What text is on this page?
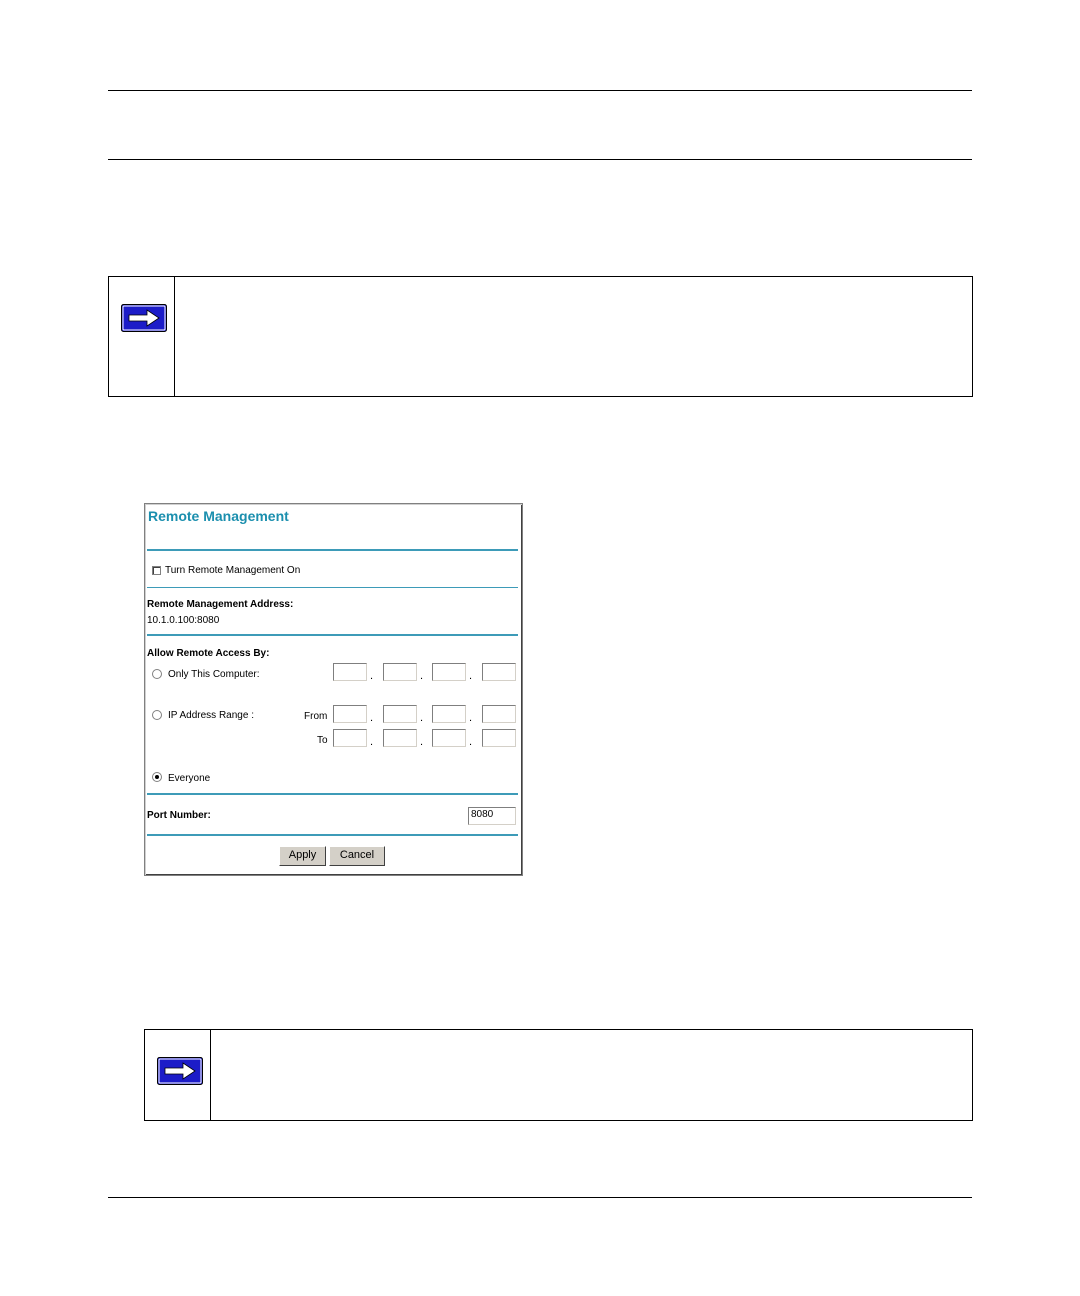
Remote Management
Turn Remote Management On
Remote Management Address:
10.1.0.100:8080
Allow Remote Access By:
Only This Computer:	.	.	.
IP Address Range :	From	.	.	.
To	.	.	.
Everyone
Port Number:	8080
Apply	Cancel
